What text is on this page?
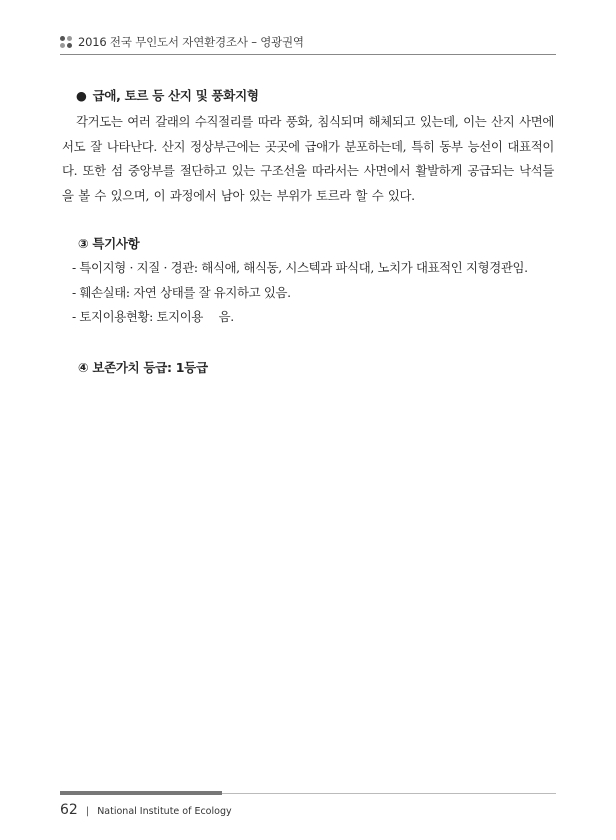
2016 전국 무인도서 자연환경조사 – 영광권역
● 급애, 토르 등 산지 및 풍화지형

각거도는 여러 갈래의 수직절리를 따라 풍화, 침식되며 해체되고 있는데, 이는 산지 사면에서도 잘 나타난다. 산지 정상부근에는 곳곳에 급애가 분포하는데, 특히 동부 능선이 대표적이다. 또한 섬 중앙부를 절단하고 있는 구조선을 따라서는 사면에서 활발하게 공급되는 낙석들을 볼 수 있으며, 이 과정에서 남아 있는 부위가 토르라 할 수 있다.

③ 특기사항
- 특이지형 · 지질 · 경관: 해식애, 해식동, 시스텍과 파식대, 노치가 대표적인 지형경관임.
- 훼손실태: 자연 상태를 잘 유지하고 있음.
- 토지이용현황: 토지이용 　음.
④ 보존가치 등급: 1등급
62 | National Institute of Ecology
